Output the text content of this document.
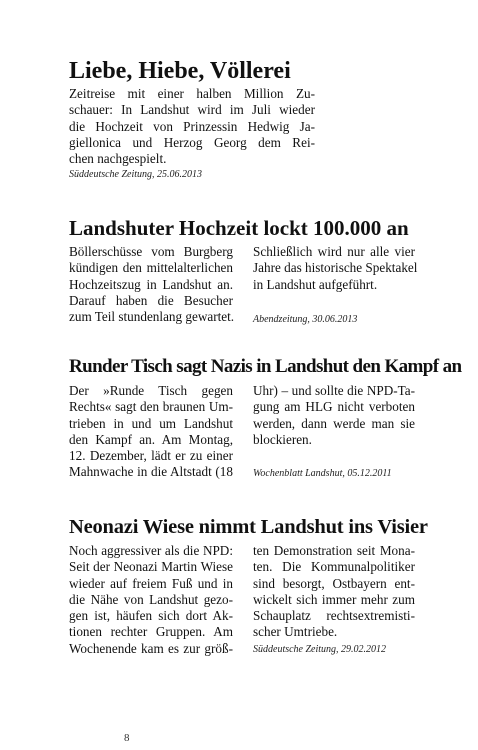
Liebe, Hiebe, Völlerei
Zeitreise mit einer halben Million Zu-
schauer: In Landshut wird im Juli wieder
die Hochzeit von Prinzessin Hedwig Ja-
giellonica und Herzog Georg dem Rei-
chen nachgespielt.
Süddeutsche Zeitung, 25.06.2013
Landshuter Hochzeit lockt 100.000 an
Böllerschüsse vom Burgberg
kündigen den mittelalterlichen
Hochzeitszug in Landshut an.
Darauf haben die Besucher
zum Teil stundenlang gewartet.
Schließlich wird nur alle vier
Jahre das historische Spektakel
in Landshut aufgeführt.
Abendzeitung, 30.06.2013
Runder Tisch sagt Nazis in Landshut den Kampf an
Der »Runde Tisch gegen
Rechts« sagt den braunen Um-
trieben in und um Landshut
den Kampf an. Am Montag,
12. Dezember, lädt er zu einer
Mahnwache in die Altstadt (18
Uhr) – und sollte die NPD-Ta-
gung am HLG nicht verboten
werden, dann werde man sie
blockieren.
Wochenblatt Landshut, 05.12.2011
Neonazi Wiese nimmt Landshut ins Visier
Noch aggressiver als die NPD:
Seit der Neonazi Martin Wiese
wieder auf freiem Fuß und in
die Nähe von Landshut gezo-
gen ist, häufen sich dort Ak-
tionen rechter Gruppen. Am
Wochenende kam es zur größ-
ten Demonstration seit Mona-
ten. Die Kommunalpolitiker
sind besorgt, Ostbayern ent-
wickelt sich immer mehr zum
Schauplatz rechtsextremisti-
scher Umtriebe.
Süddeutsche Zeitung, 29.02.2012
8
